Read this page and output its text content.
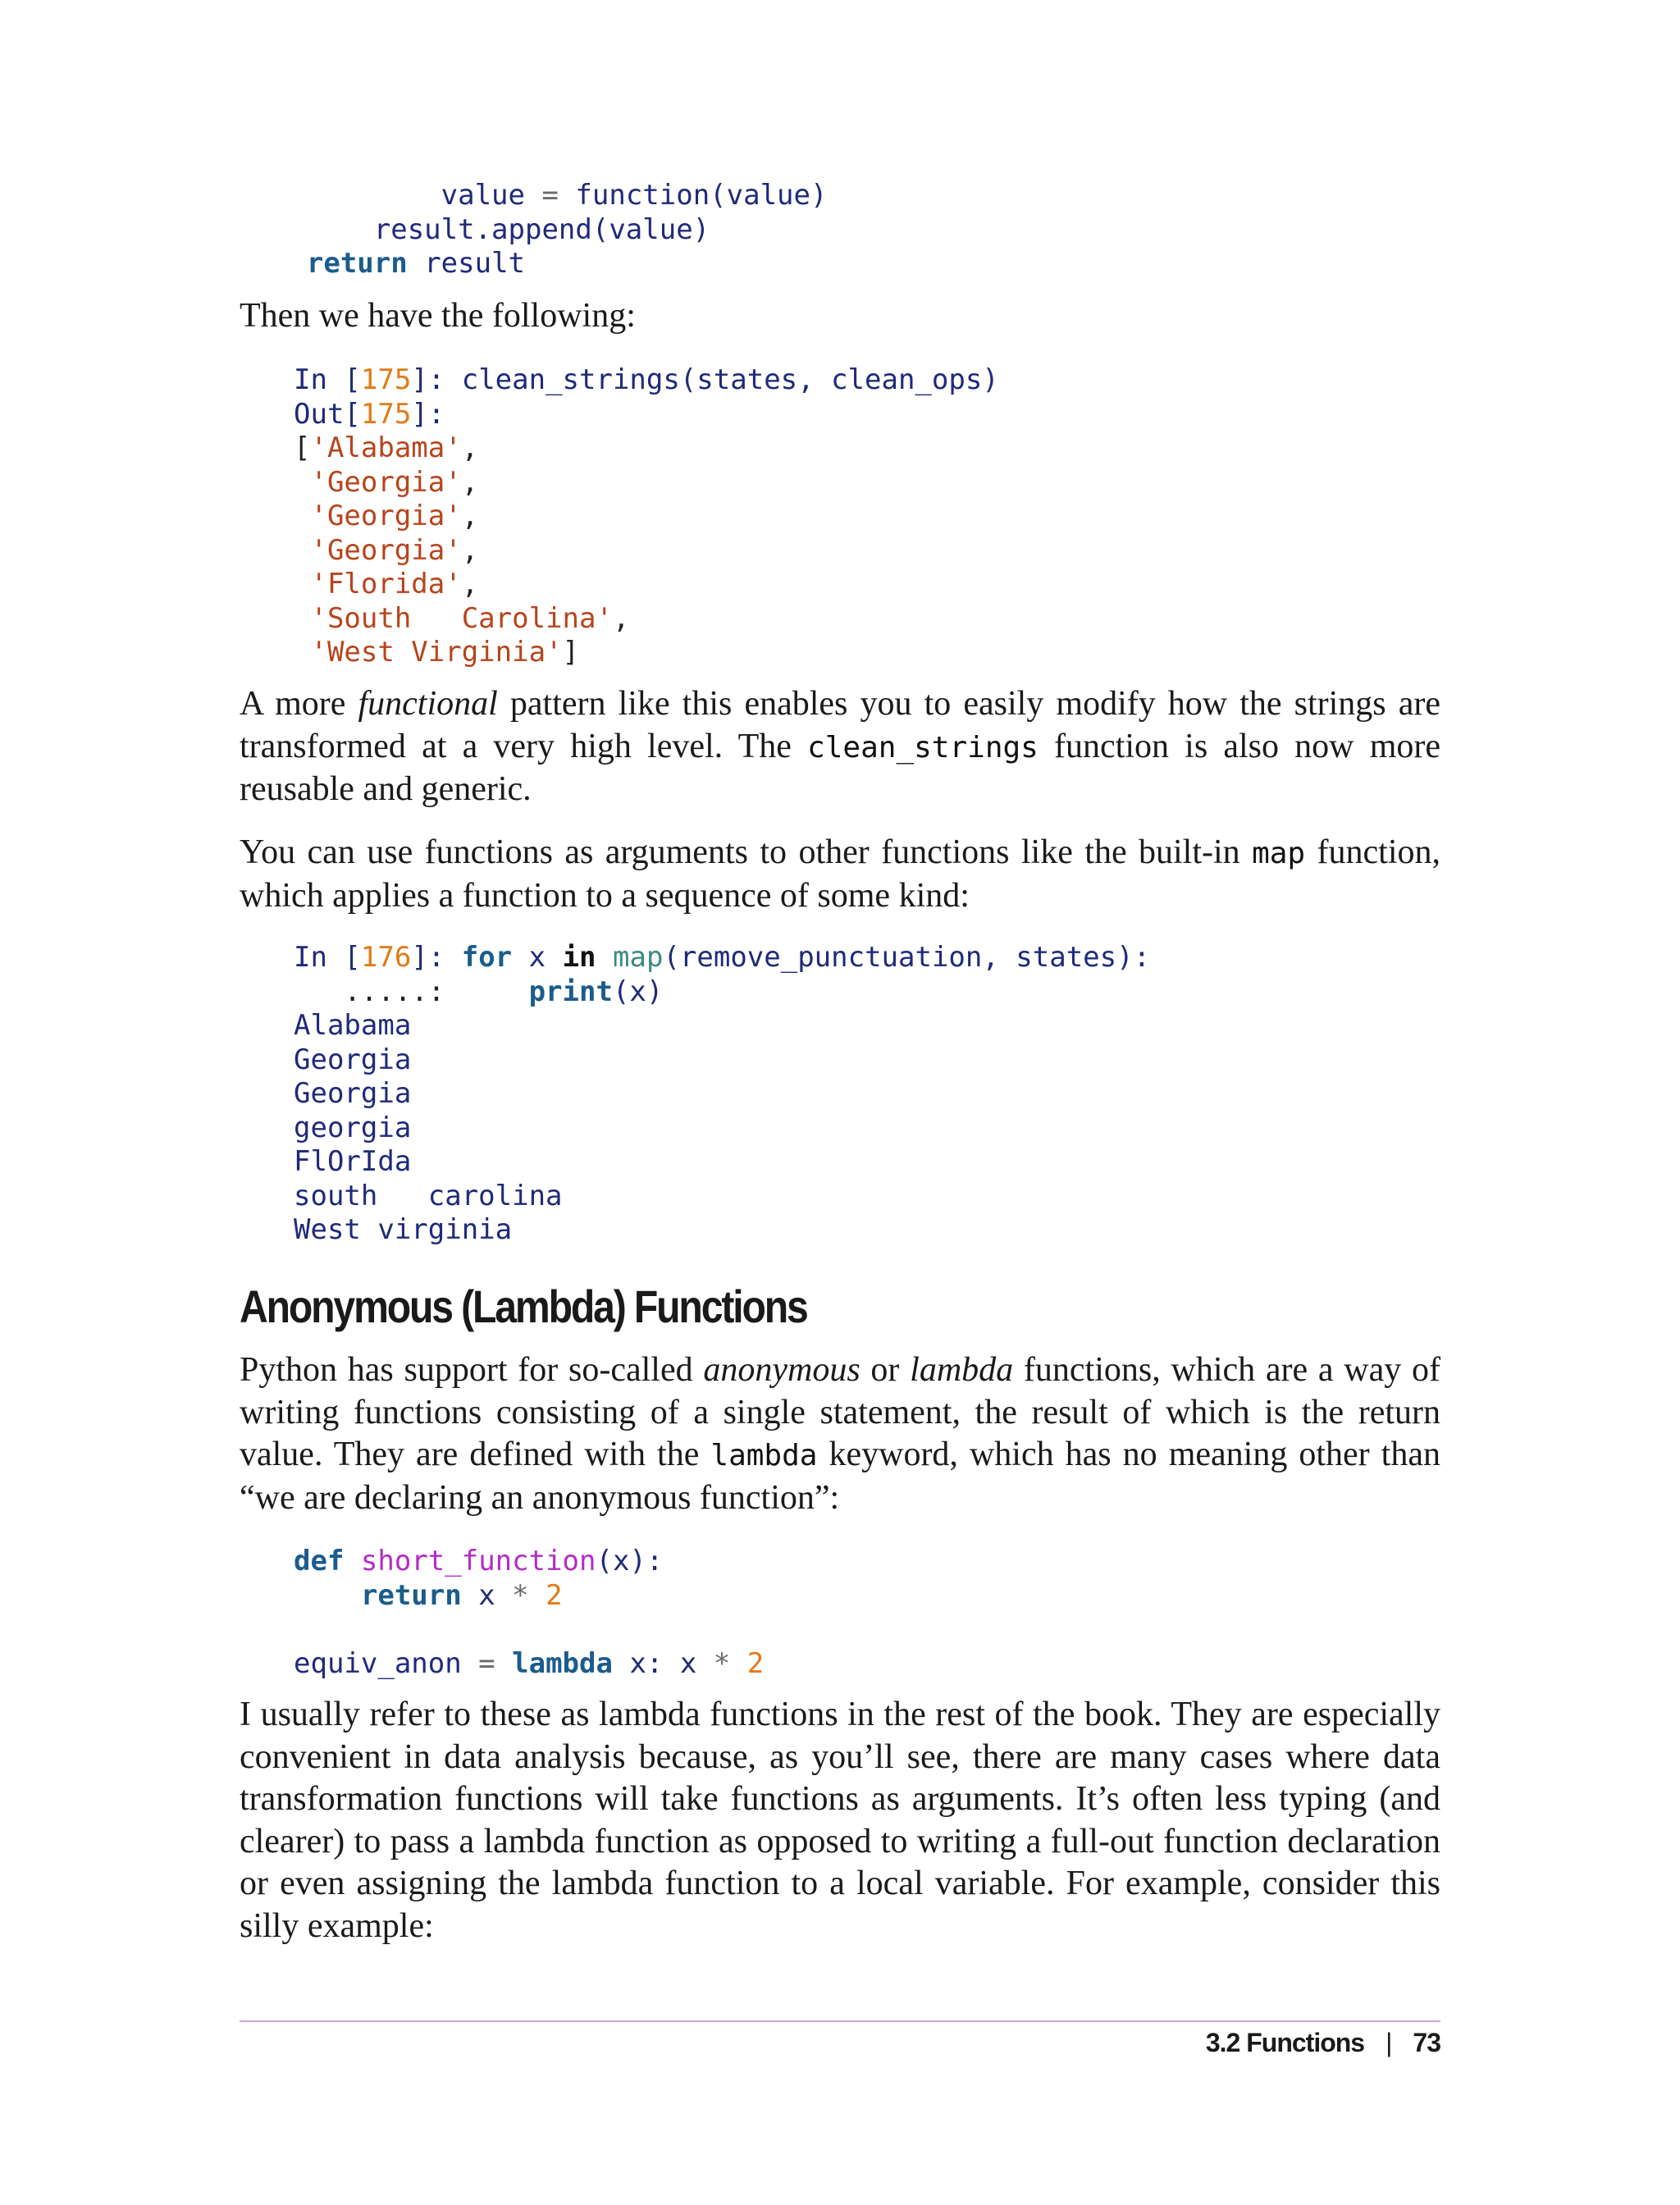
value = function(value)
result.append(value)
return result

Then we have the following:

In [175]: clean_strings(states, clean_ops)
Out[175]:
['Alabama',
'Georgia',
'Georgia',
'Georgia',
'Florida',
'South   Carolina',
'West Virginia']

A more functional pattern like this enables you to easily modify how the strings are transformed at a very high level. The clean_strings function is also now more reusable and generic.

You can use functions as arguments to other functions like the built-in map function, which applies a function to a sequence of some kind:

In [176]: for x in map(remove_punctuation, states):
.....:     print(x)
Alabama
Georgia
Georgia
georgia
FlOrIda
south   carolina
West virginia
Anonymous (Lambda) Functions

Python has support for so-called anonymous or lambda functions, which are a way of writing functions consisting of a single statement, the result of which is the return value. They are defined with the lambda keyword, which has no meaning other than “we are declaring an anonymous function”:

def short_function(x):
return x * 2

equiv_anon = lambda x: x * 2

I usually refer to these as lambda functions in the rest of the book. They are especially convenient in data analysis because, as you’ll see, there are many cases where data transformation functions will take functions as arguments. It’s often less typing (and clearer) to pass a lambda function as opposed to writing a full-out function declaration or even assigning the lambda function to a local variable. For example, consider this silly example:

3.2 Functions | 73
